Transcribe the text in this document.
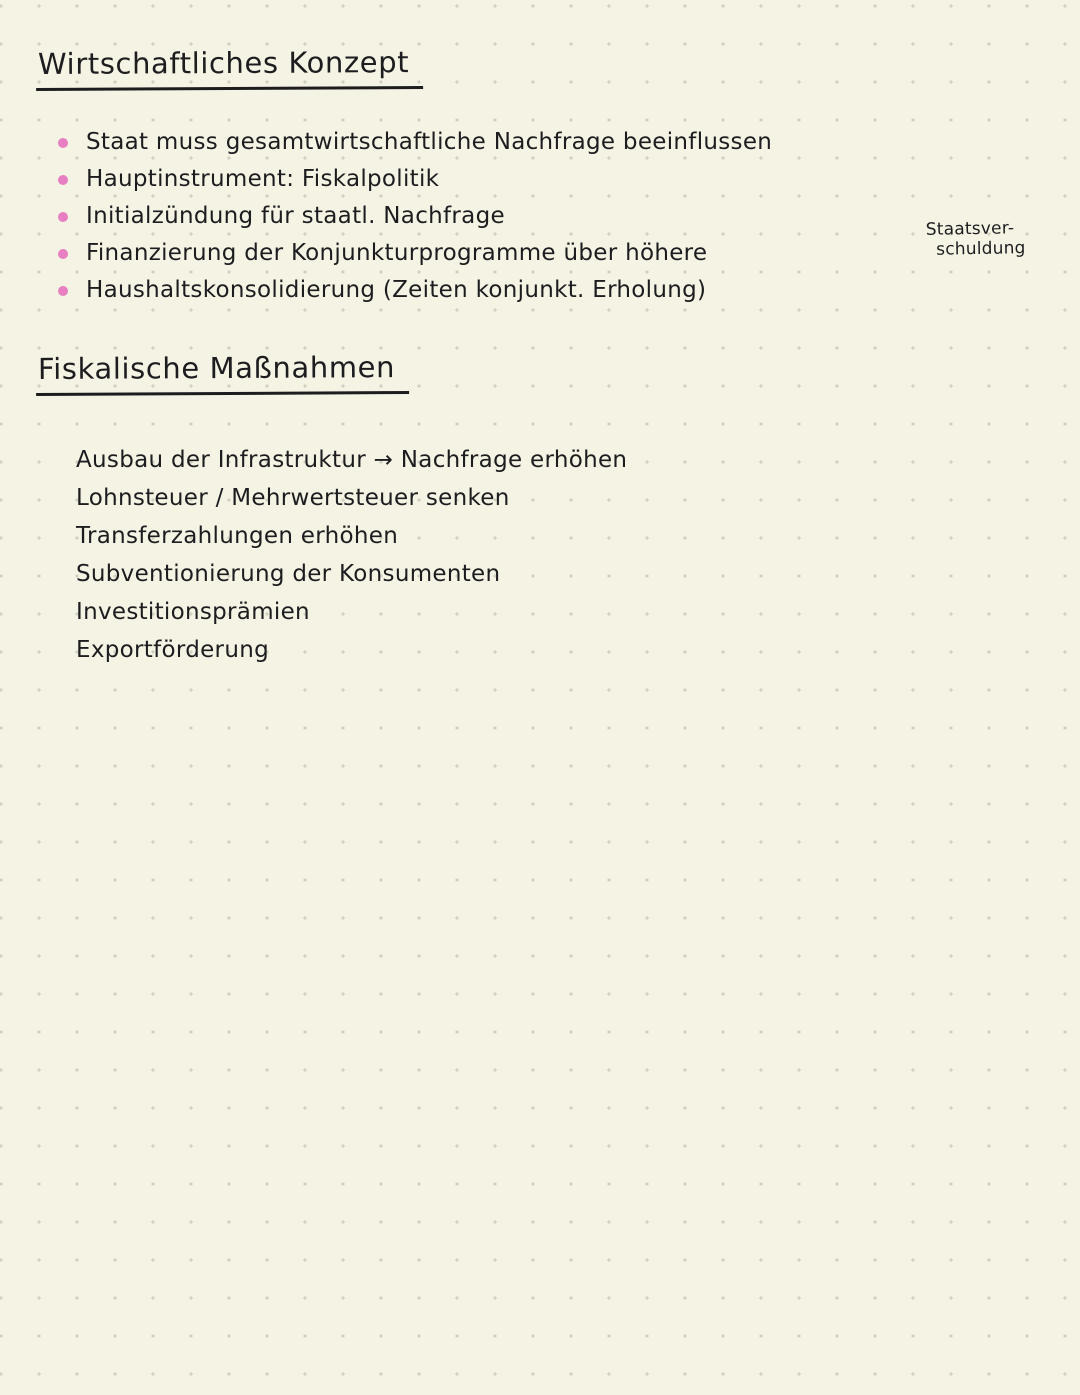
Wirtschaftliches Konzept
Staat muss gesamtwirtschaftliche Nachfrage beeinflussen
Hauptinstrument: Fiskalpolitik
Initialzündung für staatl. Nachfrage
Finanzierung der Konjunkturprogramme über höhere
Staatsver-
schuldung
Haushaltskonsolidierung (Zeiten konjunkt. Erholung)
Fiskalische Maßnahmen
Ausbau der Infrastruktur → Nachfrage erhöhen
Lohnsteuer / Mehrwertsteuer senken
Transferzahlungen erhöhen
Subventionierung der Konsumenten
Investitionsprämien
Exportförderung
